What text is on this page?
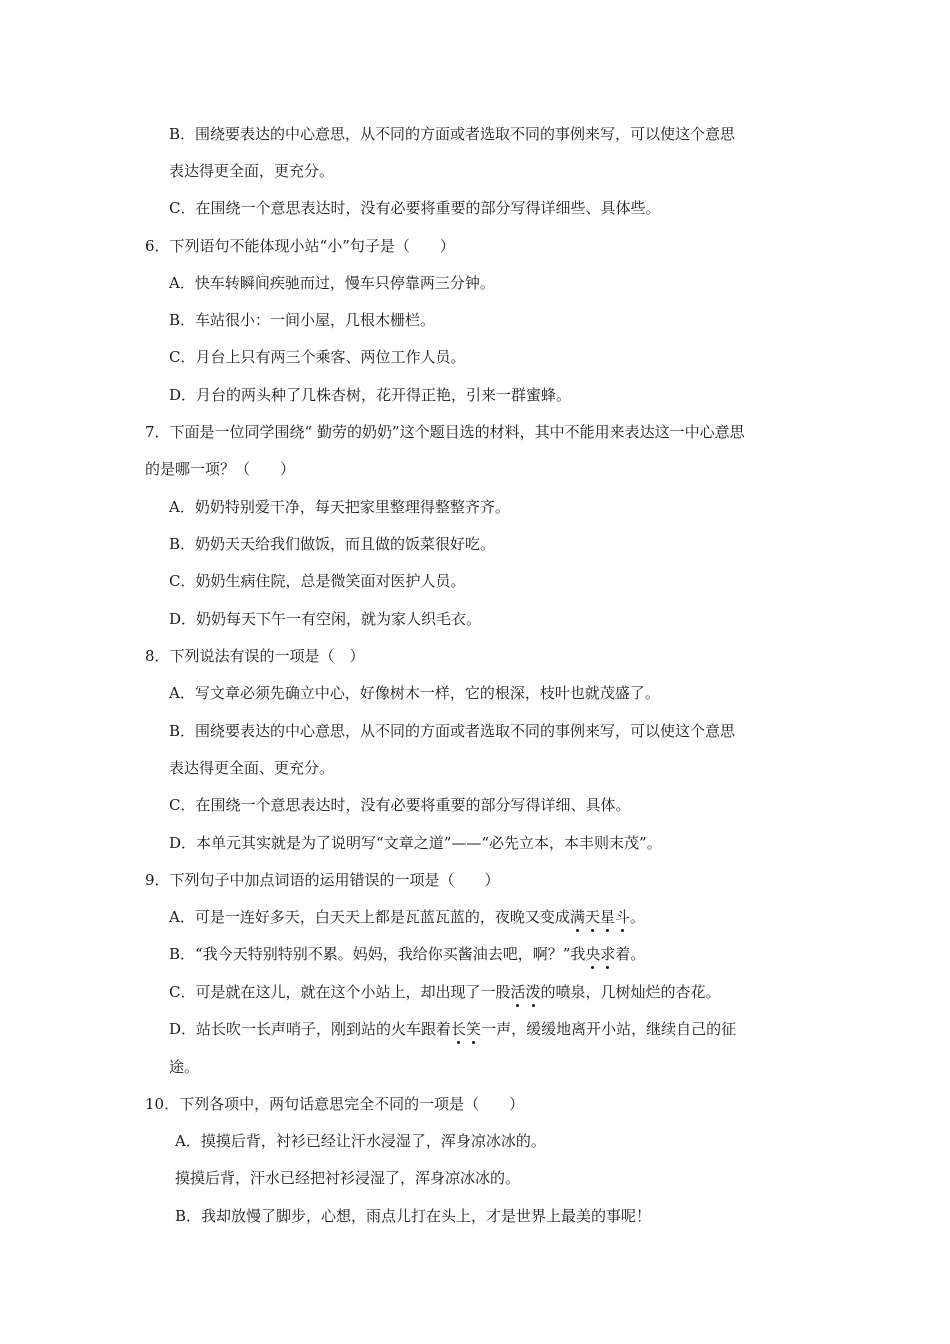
B．围绕要表达的中心意思，从不同的方面或者选取不同的事例来写，可以使这个意思
表达得更全面，更充分。
C．在围绕一个意思表达时，没有必要将重要的部分写得详细些、具体些。
6．下列语句不能体现小站“小”句子是（　　）
A．快车转瞬间疾驰而过，慢车只停靠两三分钟。
B．车站很小：一间小屋，几根木栅栏。
C．月台上只有两三个乘客、两位工作人员。
D．月台的两头种了几株杏树，花开得正艳，引来一群蜜蜂。
7．下面是一位同学围绕“ 勤劳的奶奶”这个题目选的材料，其中不能用来表达这一中心意思
的是哪一项？（　　）
A．奶奶特别爱干净，每天把家里整理得整整齐齐。
B．奶奶天天给我们做饭，而且做的饭菜很好吃。
C．奶奶生病住院，总是微笑面对医护人员。
D．奶奶每天下午一有空闲，就为家人织毛衣。
8．下列说法有误的一项是（　）
A．写文章必须先确立中心，好像树木一样，它的根深，枝叶也就茂盛了。
B．围绕要表达的中心意思，从不同的方面或者选取不同的事例来写，可以使这个意思
表达得更全面、更充分。
C．在围绕一个意思表达时，没有必要将重要的部分写得详细、具体。
D．本单元其实就是为了说明写“文章之道”——“必先立本，本丰则末茂”。
9．下列句子中加点词语的运用错误的一项是（　　）
A．可是一连好多天，白天天上都是瓦蓝瓦蓝的，夜晚又变成满天星斗。
B．“我今天特别特别不累。妈妈，我给你买酱油去吧，啊？”我央求着。
C．可是就在这儿，就在这个小站上，却出现了一股活泼的喷泉，几树灿烂的杏花。
D．站长吹一长声哨子，刚到站的火车跟着长笑一声，缓缓地离开小站，继续自己的征
途。
10．下列各项中，两句话意思完全不同的一项是（　　）
A．摸摸后背，衬衫已经让汗水浸湿了，浑身凉冰冰的。
摸摸后背，汗水已经把衬衫浸湿了，浑身凉冰冰的。
B．我却放慢了脚步，心想，雨点儿打在头上，才是世界上最美的事呢！
